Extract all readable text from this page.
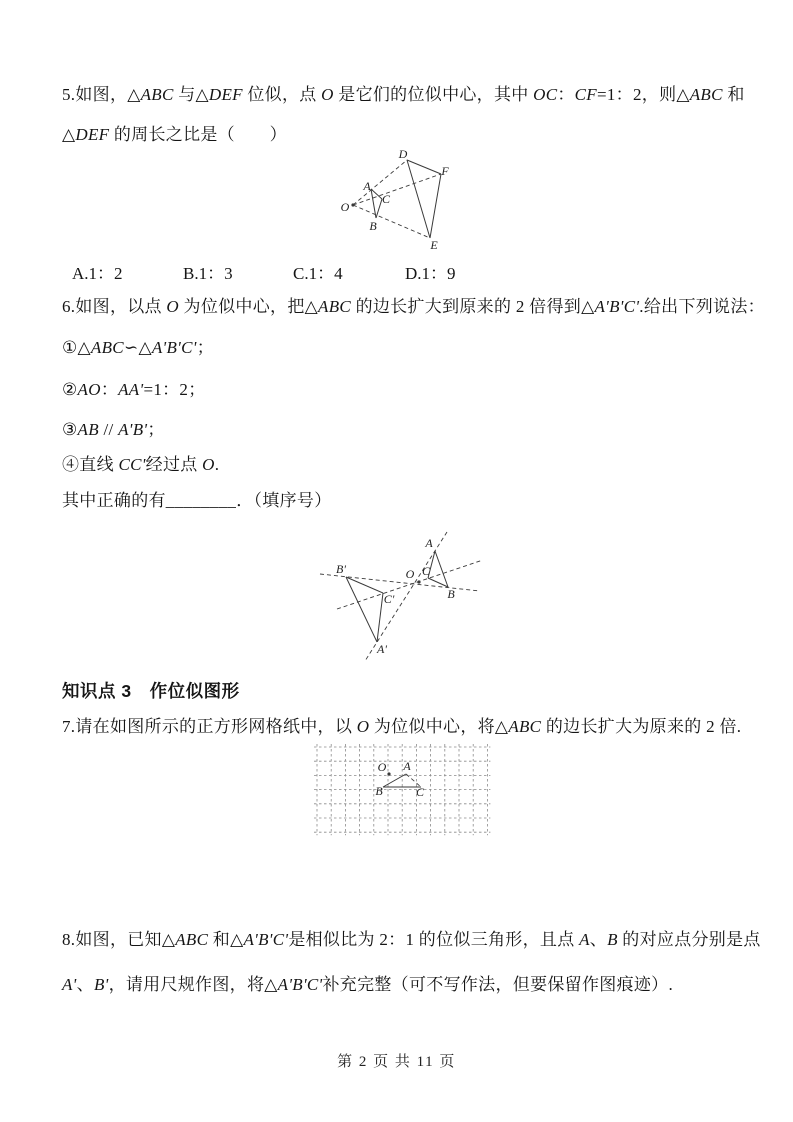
5.如图，△ABC 与△DEF 位似，点 O 是它们的位似中心，其中 OC：CF=1：2，则△ABC 和
△DEF 的周长之比是（　　）
O
A
C
B
D
F
E
A.1：2	B.1：3	C.1：4	D.1：9
6.如图，以点 O 为位似中心，把△ABC 的边长扩大到原来的 2 倍得到△A'B'C'.给出下列说法：
①△ABC∽△A'B'C'；
②AO：AA'=1：2；
③AB // A'B'；
④直线 CC'经过点 O.
其中正确的有________．（填序号）
A
C
B
O
B'
C'
A'
知识点 3　作位似图形
7.请在如图所示的正方形网格纸中，以 O 为位似中心，将△ABC 的边长扩大为原来的 2 倍.
O A
B	C
8.如图，已知△ABC 和△A'B'C'是相似比为 2：1 的位似三角形，且点 A、B 的对应点分别是点
A'、B'，请用尺规作图，将△A'B'C'补充完整（可不写作法，但要保留作图痕迹）.
第 2 页 共 11 页
